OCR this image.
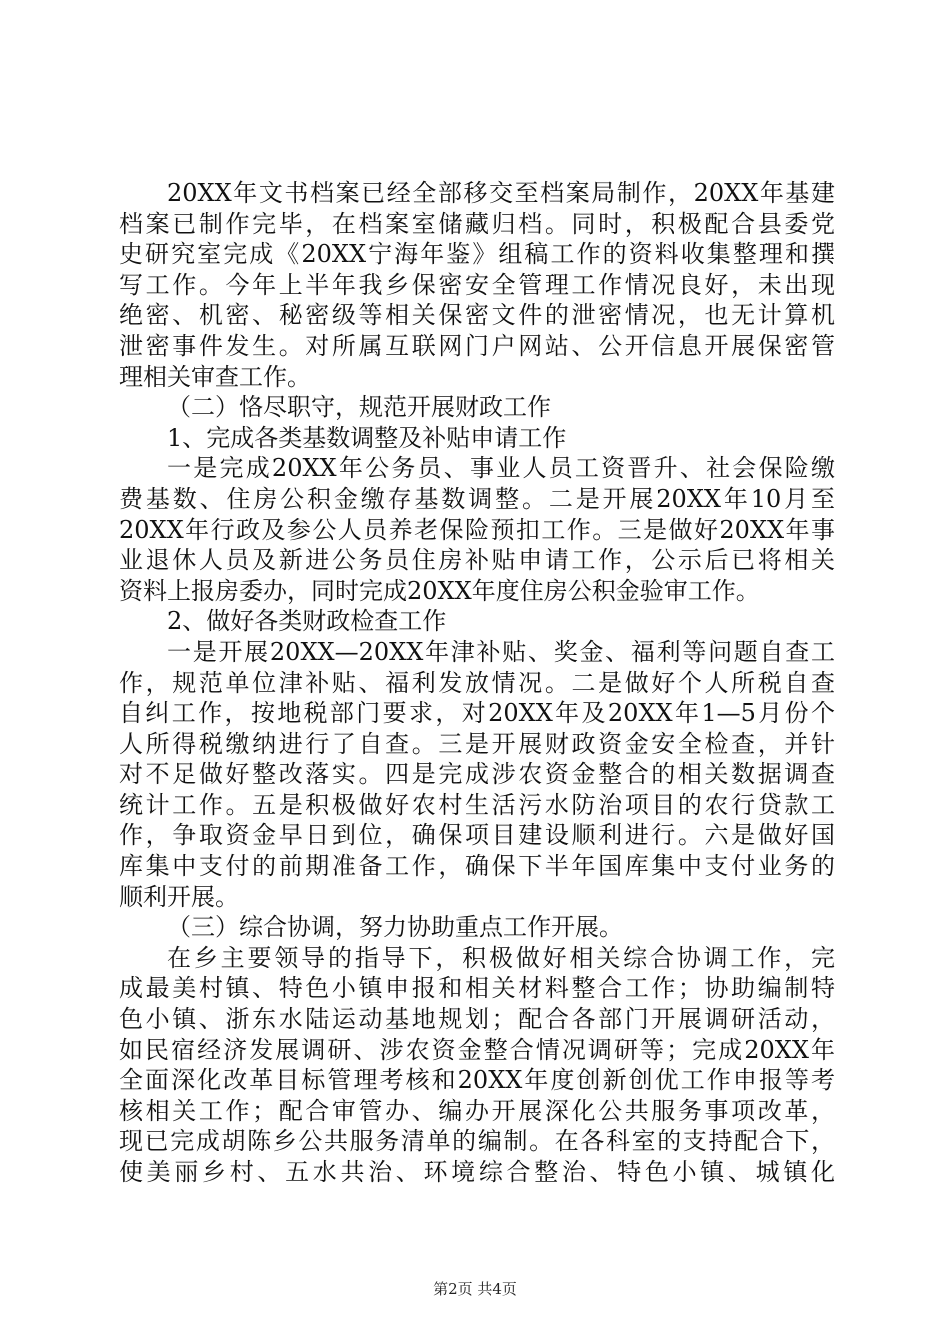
20XX年文书档案已经全部移交至档案局制作，20XX年基建
档案已制作完毕，在档案室储藏归档。同时，积极配合县委党
史研究室完成《20XX宁海年鉴》组稿工作的资料收集整理和撰
写工作。今年上半年我乡保密安全管理工作情况良好，未出现
绝密、机密、秘密级等相关保密文件的泄密情况，也无计算机
泄密事件发生。对所属互联网门户网站、公开信息开展保密管
理相关审查工作。
（二）恪尽职守，规范开展财政工作
1、完成各类基数调整及补贴申请工作
一是完成20XX年公务员、事业人员工资晋升、社会保险缴
费基数、住房公积金缴存基数调整。二是开展20XX年10月至
20XX年行政及参公人员养老保险预扣工作。三是做好20XX年事
业退休人员及新进公务员住房补贴申请工作，公示后已将相关
资料上报房委办，同时完成20XX年度住房公积金验审工作。
2、做好各类财政检查工作
一是开展20XX—20XX年津补贴、奖金、福利等问题自查工
作，规范单位津补贴、福利发放情况。二是做好个人所税自查
自纠工作，按地税部门要求，对20XX年及20XX年1—5月份个
人所得税缴纳进行了自查。三是开展财政资金安全检查，并针
对不足做好整改落实。四是完成涉农资金整合的相关数据调查
统计工作。五是积极做好农村生活污水防治项目的农行贷款工
作，争取资金早日到位，确保项目建设顺利进行。六是做好国
库集中支付的前期准备工作，确保下半年国库集中支付业务的
顺利开展。
（三）综合协调，努力协助重点工作开展。
在乡主要领导的指导下，积极做好相关综合协调工作，完
成最美村镇、特色小镇申报和相关材料整合工作；协助编制特
色小镇、浙东水陆运动基地规划；配合各部门开展调研活动，
如民宿经济发展调研、涉农资金整合情况调研等；完成20XX年
全面深化改革目标管理考核和20XX年度创新创优工作申报等考
核相关工作；配合审管办、编办开展深化公共服务事项改革，
现已完成胡陈乡公共服务清单的编制。在各科室的支持配合下，
使美丽乡村、五水共治、环境综合整治、特色小镇、城镇化
第2页 共4页
